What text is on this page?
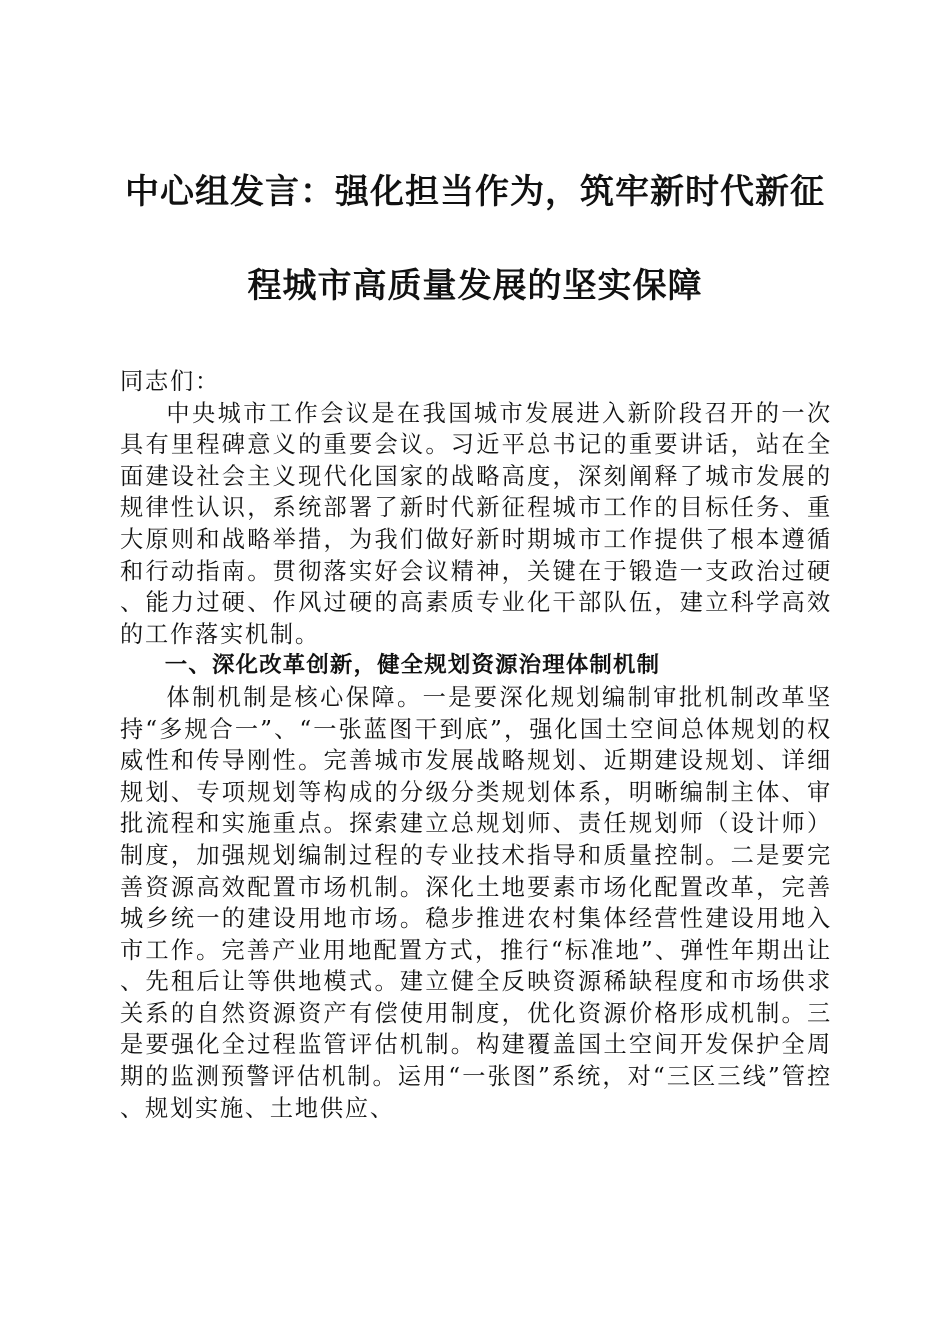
中心组发言：强化担当作为，筑牢新时代新征
程城市高质量发展的坚实保障

同志们：

中央城市工作会议是在我国城市发展进入新阶段召开的一次具有里程碑意义的重要会议。习近平总书记的重要讲话，站在全面建设社会主义现代化国家的战略高度，深刻阐释了城市发展的规律性认识，系统部署了新时代新征程城市工作的目标任务、重大原则和战略举措，为我们做好新时期城市工作提供了根本遵循和行动指南。贯彻落实好会议精神，关键在于锻造一支政治过硬、能力过硬、作风过硬的高素质专业化干部队伍，建立科学高效的工作落实机制。

一、深化改革创新，健全规划资源治理体制机制

体制机制是核心保障。一是要深化规划编制审批机制改革坚持“多规合一”、“一张蓝图干到底”，强化国土空间总体规划的权威性和传导刚性。完善城市发展战略规划、近期建设规划、详细规划、专项规划等构成的分级分类规划体系，明晰编制主体、审批流程和实施重点。探索建立总规划师、责任规划师（设计师）制度，加强规划编制过程的专业技术指导和质量控制。二是要完善资源高效配置市场机制。深化土地要素市场化配置改革，完善城乡统一的建设用地市场。稳步推进农村集体经营性建设用地入市工作。完善产业用地配置方式，推行“标准地”、弹性年期出让、先租后让等供地模式。建立健全反映资源稀缺程度和市场供求关系的自然资源资产有偿使用制度，优化资源价格形成机制。三是要强化全过程监管评估机制。构建覆盖国土空间开发保护全周期的监测预警评估机制。运用“一张图”系统，对“三区三线”管控、规划实施、土地供应、
